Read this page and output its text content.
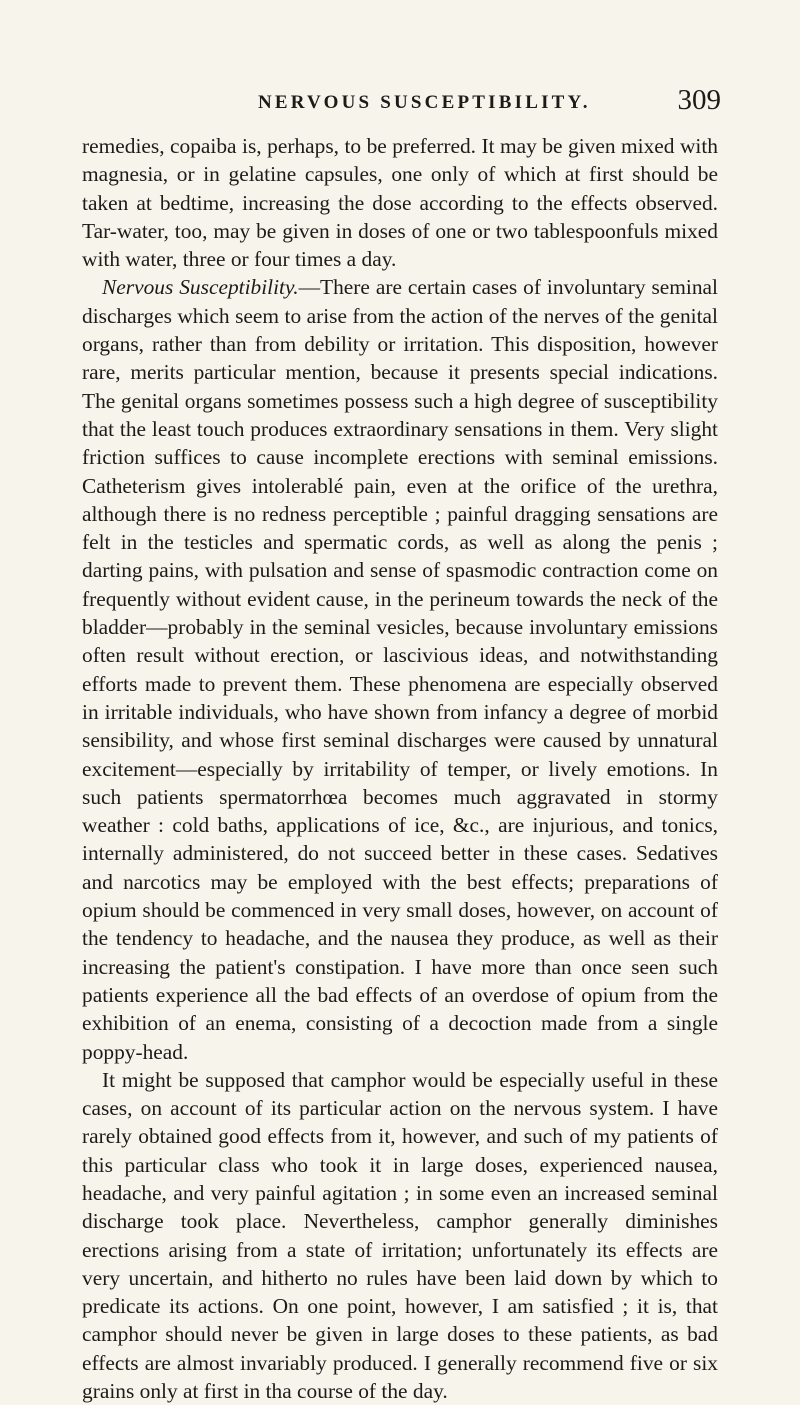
NERVOUS SUSCEPTIBILITY.	309

remedies, copaiba is, perhaps, to be preferred. It may be given mixed with magnesia, or in gelatine capsules, one only of which at first should be taken at bedtime, increasing the dose according to the effects observed. Tar-water, too, may be given in doses of one or two tablespoonfuls mixed with water, three or four times a day.

Nervous Susceptibility.—There are certain cases of involuntary seminal discharges which seem to arise from the action of the nerves of the genital organs, rather than from debility or irritation. This disposition, however rare, merits particular mention, because it presents special indications. The genital organs sometimes possess such a high degree of susceptibility that the least touch produces extraordinary sensations in them. Very slight friction suffices to cause incomplete erections with seminal emissions. Catheterism gives intolerablé pain, even at the orifice of the urethra, although there is no redness perceptible ; painful dragging sensations are felt in the testicles and spermatic cords, as well as along the penis ; darting pains, with pulsation and sense of spasmodic contraction come on frequently without evident cause, in the perineum towards the neck of the bladder—probably in the seminal vesicles, because involuntary emissions often result without erection, or lascivious ideas, and notwithstanding efforts made to prevent them. These phenomena are especially observed in irritable individuals, who have shown from infancy a degree of morbid sensibility, and whose first seminal discharges were caused by unnatural excitement—especially by irritability of temper, or lively emotions. In such patients spermatorrhœa becomes much aggravated in stormy weather : cold baths, applications of ice, &c., are injurious, and tonics, internally administered, do not succeed better in these cases. Sedatives and narcotics may be employed with the best effects; preparations of opium should be commenced in very small doses, however, on account of the tendency to headache, and the nausea they produce, as well as their increasing the patient's constipation. I have more than once seen such patients experience all the bad effects of an overdose of opium from the exhibition of an enema, consisting of a decoction made from a single poppy-head.

It might be supposed that camphor would be especially useful in these cases, on account of its particular action on the nervous system. I have rarely obtained good effects from it, however, and such of my patients of this particular class who took it in large doses, experienced nausea, headache, and very painful agitation ; in some even an increased seminal discharge took place. Nevertheless, camphor generally diminishes erections arising from a state of irritation; unfortunately its effects are very uncertain, and hitherto no rules have been laid down by which to predicate its actions. On one point, however, I am satisfied ; it is, that camphor should never be given in large doses to these patients, as bad effects are almost invariably produced. I generally recommend five or six grains only at first in tha course of the day.
